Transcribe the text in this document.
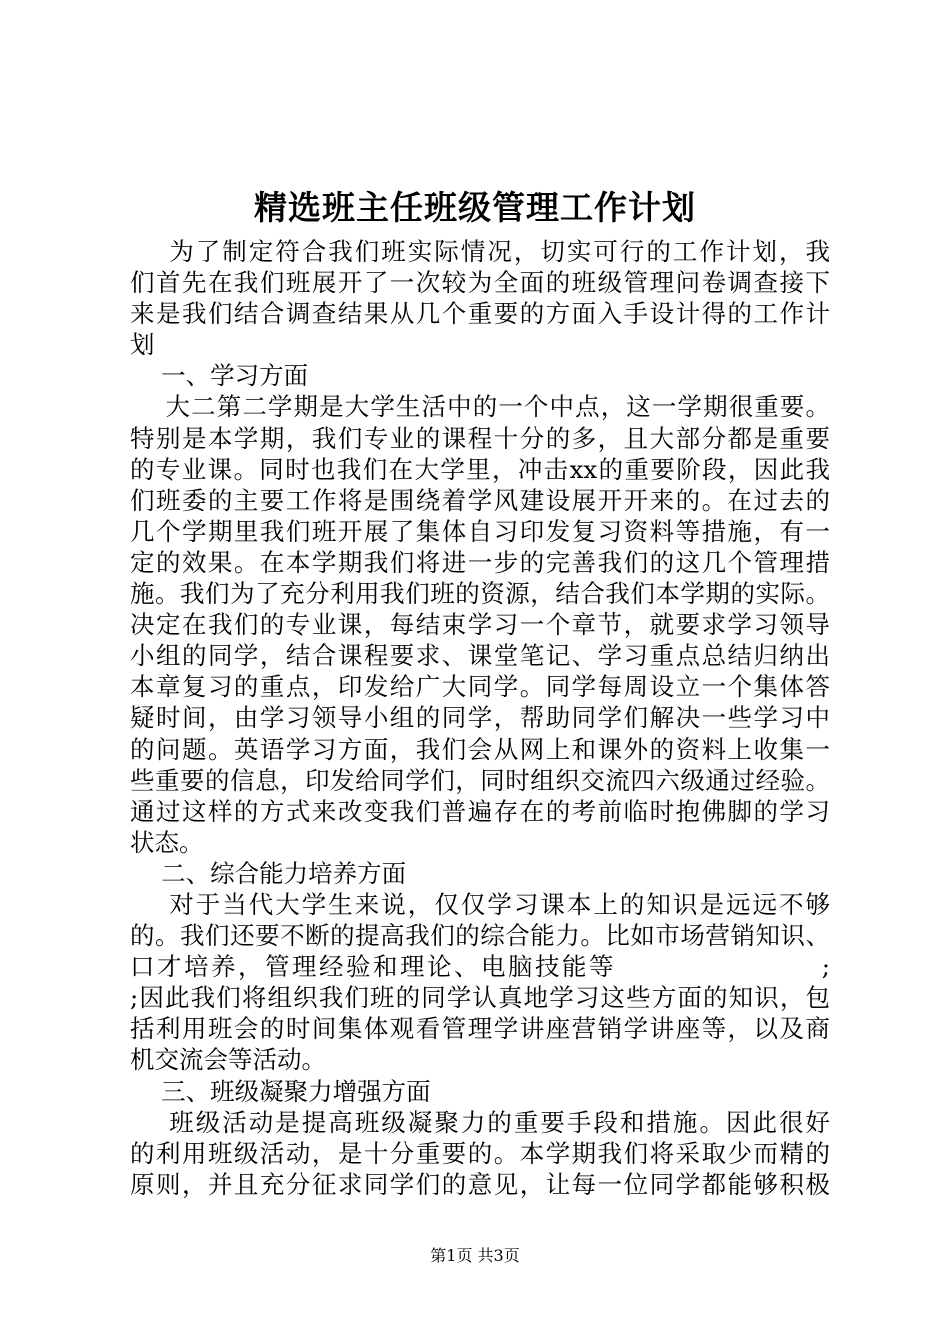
精选班主任班级管理工作计划
为了制定符合我们班实际情况，切实可行的工作计划，我
们首先在我们班展开了一次较为全面的班级管理问卷调查接下
来是我们结合调查结果从几个重要的方面入手设计得的工作计
划
一、学习方面
大二第二学期是大学生活中的一个中点，这一学期很重要。
特别是本学期，我们专业的课程十分的多，且大部分都是重要
的专业课。同时也我们在大学里，冲击xx的重要阶段，因此我
们班委的主要工作将是围绕着学风建设展开开来的。在过去的
几个学期里我们班开展了集体自习印发复习资料等措施，有一
定的效果。在本学期我们将进一步的完善我们的这几个管理措
施。我们为了充分利用我们班的资源，结合我们本学期的实际。
决定在我们的专业课，每结束学习一个章节，就要求学习领导
小组的同学，结合课程要求、课堂笔记、学习重点总结归纳出
本章复习的重点，印发给广大同学。同学每周设立一个集体答
疑时间，由学习领导小组的同学，帮助同学们解决一些学习中
的问题。英语学习方面，我们会从网上和课外的资料上收集一
些重要的信息，印发给同学们，同时组织交流四六级通过经验。
通过这样的方式来改变我们普遍存在的考前临时抱佛脚的学习
状态。
二、综合能力培养方面
对于当代大学生来说，仅仅学习课本上的知识是远远不够
的。我们还要不断的提高我们的综合能力。比如市场营销知识、
口才培养，管理经验和理论、电脑技能等                    ;
;因此我们将组织我们班的同学认真地学习这些方面的知识，包
括利用班会的时间集体观看管理学讲座营销学讲座等，以及商
机交流会等活动。
三、班级凝聚力增强方面
班级活动是提高班级凝聚力的重要手段和措施。因此很好
的利用班级活动，是十分重要的。本学期我们将采取少而精的
原则，并且充分征求同学们的意见，让每一位同学都能够积极
第1页 共3页
